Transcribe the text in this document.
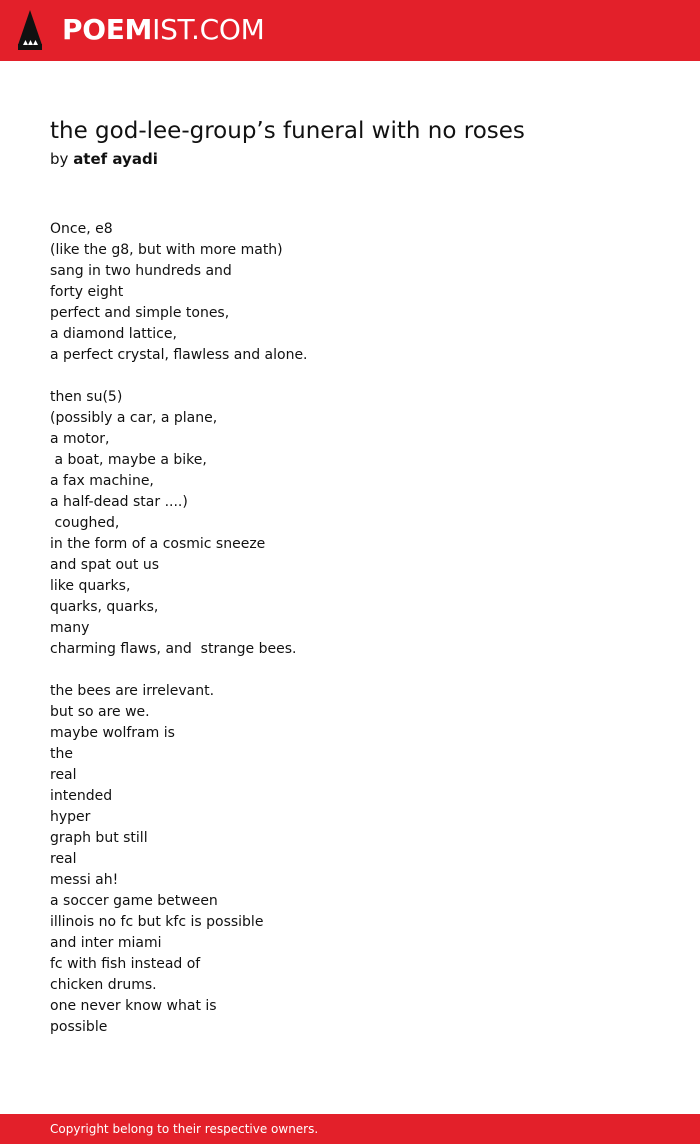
POEMIST.COM
the god-lee-group’s funeral with no roses
by atef ayadi
Once, e8
(like the g8, but with more math)
sang in two hundreds and
forty eight
perfect and simple tones,
a diamond lattice,
a perfect crystal, flawless and alone.
then su(5)
(possibly a car, a plane,
a motor,
a boat, maybe a bike,
a fax machine,
a half-dead star ....)
coughed,
in the form of a cosmic sneeze
and spat out us
like quarks,
quarks, quarks,
many
charming flaws, and  strange bees.
the bees are irrelevant.
but so are we.
maybe wolfram is
the
real
intended
hyper
graph but still
real
messi ah!
a soccer game between
illinois no fc but kfc is possible
and inter miami
fc with fish instead of
chicken drums.
one never know what is
possible
Copyright belong to their respective owners.
